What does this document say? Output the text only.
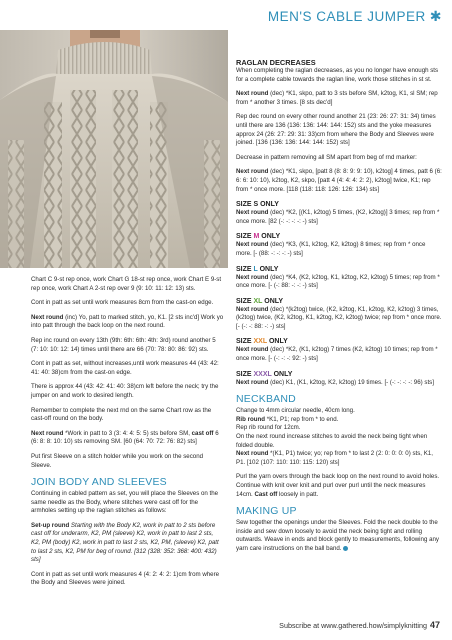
MEN'S CABLE JUMPER ✱

Chart C 9-st rep once, work Chart G 18-st rep once, work Chart E 9-st rep once, work Chart A 2-st rep over 9 (9: 10: 11: 12: 13) sts.

Cont in patt as set until work measures 8cm from the cast-on edge.

Next round (inc) Yo, patt to marked stitch, yo, K1. [2 sts inc'd] Work yo into patt through the back loop on the next round.

Rep inc round on every 13th (9th: 6th: 6th: 4th: 3rd) round another 5 (7: 10: 10: 12: 14) times until there are 66 (70: 78: 80: 86: 92) sts.

Cont in patt as set, without increases,until work measures 44 (43: 42: 41: 40: 38)cm from the cast-on edge.

There is approx 44 (43: 42: 41: 40: 38)cm left before the neck; try the jumper on and work to desired length.

Remember to complete the next rnd on the same Chart row as the cast-off round on the body.

Next round *Work in patt to 3 (3: 4: 4: 5: 5) sts before SM, cast off 6 (6: 8: 8: 10: 10) sts removing SM. [60 (64: 70: 72: 76: 82) sts]

Put first Sleeve on a stitch holder while you work on the second Sleeve.

JOIN BODY AND SLEEVES

Continuing in cabled pattern as set, you will place the Sleeves on the same needle as the Body, where stitches were cast off for the armholes setting up the raglan stitches as follows:

Set-up round Starting with the Body K2, work in patt to 2 sts before cast off for underarm, K2, PM (sleeve) K2, work in patt to last 2 sts, K2, PM (body) K2, work in patt to last 2 sts, K2, PM, (sleeve) K2, patt to last 2 sts, K2, PM for beg of round. [312 (328: 352: 368: 400: 432) sts]

Cont in patt as set until work measures 4 (4: 2: 4: 2: 1)cm from where the Body and Sleeves were joined.

RAGLAN DECREASES

When completing the raglan decreases, as you no longer have enough sts for a complete cable towards the raglan line, work those stitches in st st.

Next round (dec) *K1, skpo, patt to 3 sts before SM, k2tog, K1, sl SM; rep from * another 3 times. [8 sts dec'd]

Rep dec round on every other round another 21 (23: 26: 27: 31: 34) times until there are 136 (136: 136: 144: 144: 152) sts and the yoke measures approx 24 (26: 27: 29: 31: 33)cm from where the Body and Sleeves were joined. [136 (136: 136: 144: 144: 152) sts]

Decrease in pattern removing all SM apart from beg of rnd marker:

Next round (dec) *K1, skpo, [patt 8 (8: 8: 9: 9: 10), k2tog] 4 times, patt 6 (6: 6: 6: 10: 10), k2tog, K2, skpo, [patt 4 (4: 4: 4: 2: 2), k2tog] twice, K1; rep from * once more. [118 (118: 118: 126: 126: 134) sts]

SIZE S ONLY

Next round (dec) *K2, [(K1, k2tog) 5 times, (K2, k2tog)] 3 times; rep from * once more. [82 (-: -: -: -: -) sts]

SIZE M ONLY

Next round (dec) *K3, (K1, k2tog, K2, k2tog) 8 times; rep from * once more. [- (88: -: -: -: -) sts]

SIZE L ONLY

Next round (dec) *K4, (K2, k2tog, K1, k2tog, K2, k2tog) 5 times; rep from * once more. [- (-: 88: -: -: -) sts]

SIZE XL ONLY

Next round (dec) *(k2tog) twice, (K2, k2tog, K1, k2tog, K2, k2tog) 3 times, (k2tog) twice, (K2, k2tog, K1, k2tog, K2, k2tog) twice; rep from * once more. [- (-: -: 88: -: -) sts]

SIZE XXL ONLY

Next round (dec) *K2, (K1, k2tog) 7 times (K2, k2tog) 10 times; rep from * once more. [- (-: -: -: 92: -) sts]

SIZE XXXL ONLY

Next round (dec) K1, (K1, k2tog, K2, k2tog) 19 times. [- (-: -: -: -: 96) sts]

NECKBAND

Change to 4mm circular needle, 40cm long.

Rib round *K1, P1; rep from * to end.

Rep rib round for 12cm.

On the next round increase stitches to avoid the neck being tight when folded double.

Next round *(K1, P1) twice; yo; rep from * to last 2 (2: 0: 0: 0: 0) sts, K1, P1. [102 (107: 110: 110: 115: 120) sts]

Purl the yarn overs through the back loop on the next round to avoid holes. Continue with knit over knit and purl over purl until the neck measures 14cm. Cast off loosely in patt.

MAKING UP

Sew together the openings under the Sleeves. Fold the neck double to the inside and sew down loosely to avoid the neck being tight and rolling outwards. Weave in ends and block gently to measurements, following any yarn care instructions on the ball band.

Subscribe at www.gathered.how/simplyknitting 47
